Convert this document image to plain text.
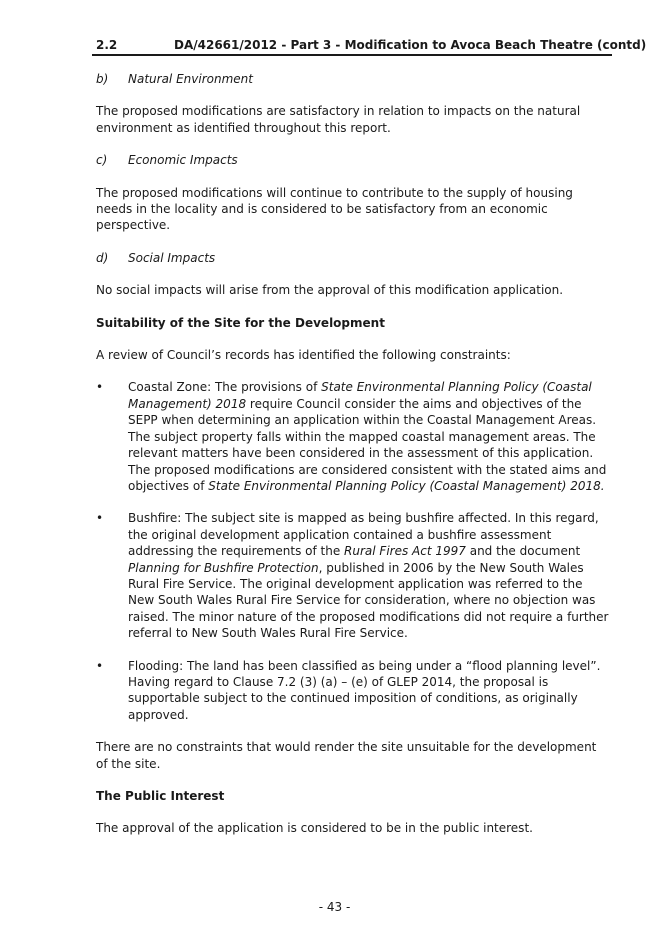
2.2	DA/42661/2012 - Part 3 - Modification to Avoca Beach Theatre (contd)
b) Natural Environment

The proposed modifications are satisfactory in relation to impacts on the natural environment as identified throughout this report.

c) Economic Impacts

The proposed modifications will continue to contribute to the supply of housing needs in the locality and is considered to be satisfactory from an economic perspective.

d) Social Impacts

No social impacts will arise from the approval of this modification application.

Suitability of the Site for the Development

A review of Council’s records has identified the following constraints:

• Coastal Zone: The provisions of State Environmental Planning Policy (Coastal Management) 2018 require Council consider the aims and objectives of the SEPP when determining an application within the Coastal Management Areas. The subject property falls within the mapped coastal management areas. The relevant matters have been considered in the assessment of this application. The proposed modifications are considered consistent with the stated aims and objectives of State Environmental Planning Policy (Coastal Management) 2018.
• Bushfire: The subject site is mapped as being bushfire affected. In this regard, the original development application contained a bushfire assessment addressing the requirements of the Rural Fires Act 1997 and the document Planning for Bushfire Protection, published in 2006 by the New South Wales Rural Fire Service. The original development application was referred to the New South Wales Rural Fire Service for consideration, where no objection was raised. The minor nature of the proposed modifications did not require a further referral to New South Wales Rural Fire Service.
• Flooding: The land has been classified as being under a “flood planning level”. Having regard to Clause 7.2 (3) (a) – (e) of GLEP 2014, the proposal is supportable subject to the continued imposition of conditions, as originally approved.

There are no constraints that would render the site unsuitable for the development of the site.

The Public Interest

The approval of the application is considered to be in the public interest.

- 43 -
